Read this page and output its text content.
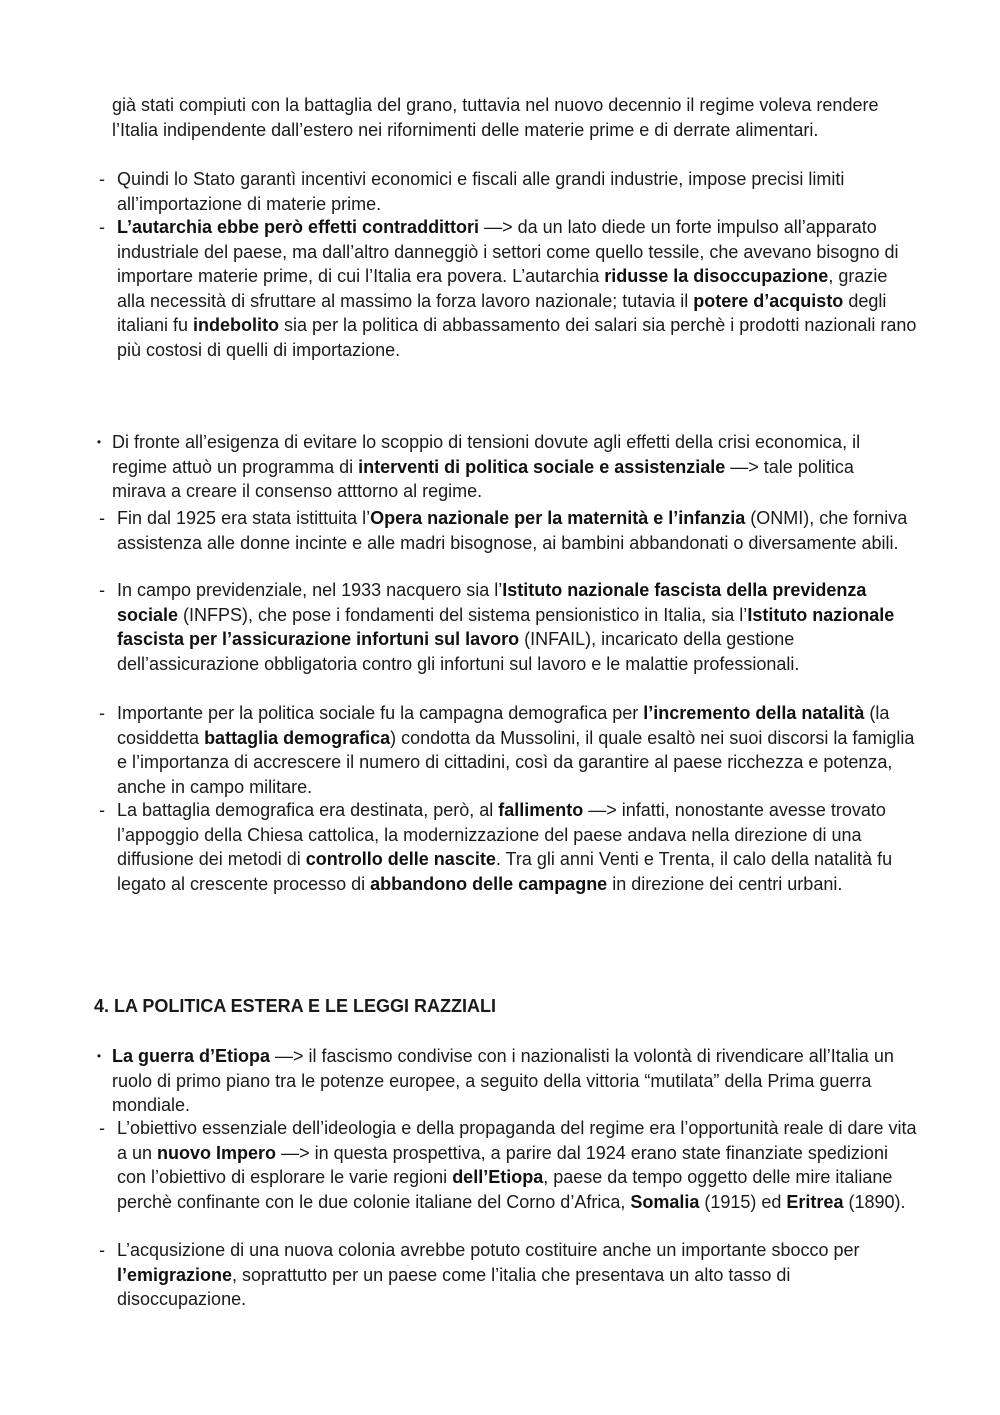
già stati compiuti con la battaglia del grano, tuttavia nel nuovo decennio il regime voleva rendere l’Italia indipendente dall’estero nei rifornimenti delle materie prime e di derrate alimentari.

- Quindi lo Stato garantì incentivi economici e fiscali alle grandi industrie, impose precisi limiti all’importazione di materie prime.

- L’autarchia ebbe però effetti contraddittori —> da un lato diede un forte impulso all’apparato industriale del paese, ma dall’altro danneggiò i settori come quello tessile, che avevano bisogno di importare materie prime, di cui l’Italia era povera. L’autarchia ridusse la disoccupazione, grazie alla necessità di sfruttare al massimo la forza lavoro nazionale; tutavia il potere d’acquisto degli italiani fu indebolito sia per la politica di abbassamento dei salari sia perchè i prodotti nazionali rano più costosi di quelli di importazione.

• Di fronte all’esigenza di evitare lo scoppio di tensioni dovute agli effetti della crisi economica, il regime attuò un programma di interventi di politica sociale e assistenziale —> tale politica mirava a creare il consenso atttorno al regime.

- Fin dal 1925 era stata istittuita l’Opera nazionale per la maternità e l’infanzia (ONMI), che forniva assistenza alle donne incinte e alle madri bisognose, ai bambini abbandonati o diversamente abili.

- In campo previdenziale, nel 1933 nacquero sia l’Istituto nazionale fascista della previdenza sociale (INFPS), che pose i fondamenti del sistema pensionistico in Italia, sia l’Istituto nazionale fascista per l’assicurazione infortuni sul lavoro (INFAIL), incaricato della gestione dell’assicurazione obbligatoria contro gli infortuni sul lavoro e le malattie professionali.

- Importante per la politica sociale fu la campagna demografica per l’incremento della natalità (la cosiddetta battaglia demografica) condotta da Mussolini, il quale esaltò nei suoi discorsi la famiglia e l’importanza di accrescere il numero di cittadini, così da garantire al paese ricchezza e potenza, anche in campo militare.

- La battaglia demografica era destinata, però, al fallimento —> infatti, nonostante avesse trovato l’appoggio della Chiesa cattolica, la modernizzazione del paese andava nella direzione di una diffusione dei metodi di controllo delle nascite. Tra gli anni Venti e Trenta, il calo della natalità fu legato al crescente processo di abbandono delle campagne in direzione dei centri urbani.

4. LA POLITICA ESTERA E LE LEGGI RAZZIALI

• La guerra d’Etiopa —> il fascismo condivise con i nazionalisti la volontà di rivendicare all’Italia un ruolo di primo piano tra le potenze europee, a seguito della vittoria “mutilata” della Prima guerra mondiale.

- L’obiettivo essenziale dell’ideologia e della propaganda del regime era l’opportunità reale di dare vita a un nuovo Impero —> in questa prospettiva, a parire dal 1924 erano state finanziate spedizioni con l’obiettivo di esplorare le varie regioni dell’Etiopa, paese da tempo oggetto delle mire italiane perchè confinante con le due colonie italiane del Corno d’Africa, Somalia (1915) ed Eritrea (1890).

- L’acqusizione di una nuova colonia avrebbe potuto costituire anche un importante sbocco per l’emigrazione, soprattutto per un paese come l’italia che presentava un alto tasso di disoccupazione.
